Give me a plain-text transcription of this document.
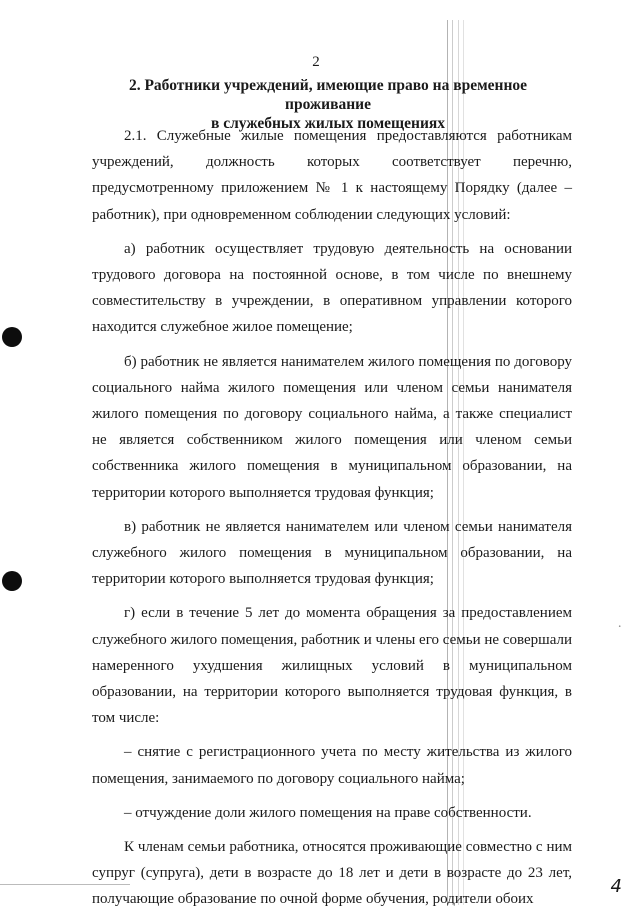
2
2. Работники учреждений, имеющие право на временное проживание
в служебных жилых помещениях

2.1. Служебные жилые помещения предоставляются работникам учреждений, должность которых соответствует перечню, предусмотренному приложением № 1 к настоящему Порядку (далее – работник), при одновременном соблюдении следующих условий:

а) работник осуществляет трудовую деятельность на основании трудового договора на постоянной основе, в том числе по внешнему совместительству в учреждении, в оперативном управлении которого находится служебное жилое помещение;

б) работник не является нанимателем жилого помещения по договору социального найма жилого помещения или членом семьи нанимателя жилого помещения по договору социального найма, а также специалист не является собственником жилого помещения или членом семьи собственника жилого помещения в муниципальном образовании, на территории которого выполняется трудовая функция;

в) работник не является нанимателем или членом семьи нанимателя служебного жилого помещения в муниципальном образовании, на территории которого выполняется трудовая функция;

г) если в течение 5 лет до момента обращения за предоставлением служебного жилого помещения, работник и члены его семьи не совершали намеренного ухудшения жилищных условий в муниципальном образовании, на территории которого выполняется трудовая функция, в том числе:

– снятие с регистрационного учета по месту жительства из жилого помещения, занимаемого по договору социального найма;

– отчуждение доли жилого помещения на праве собственности.

К членам семьи работника, относятся проживающие совместно с ним супруг (супруга), дети в возрасте до 18 лет и дети в возрасте до 23 лет, получающие образование по очной форме обучения, родители обоих

·
4
